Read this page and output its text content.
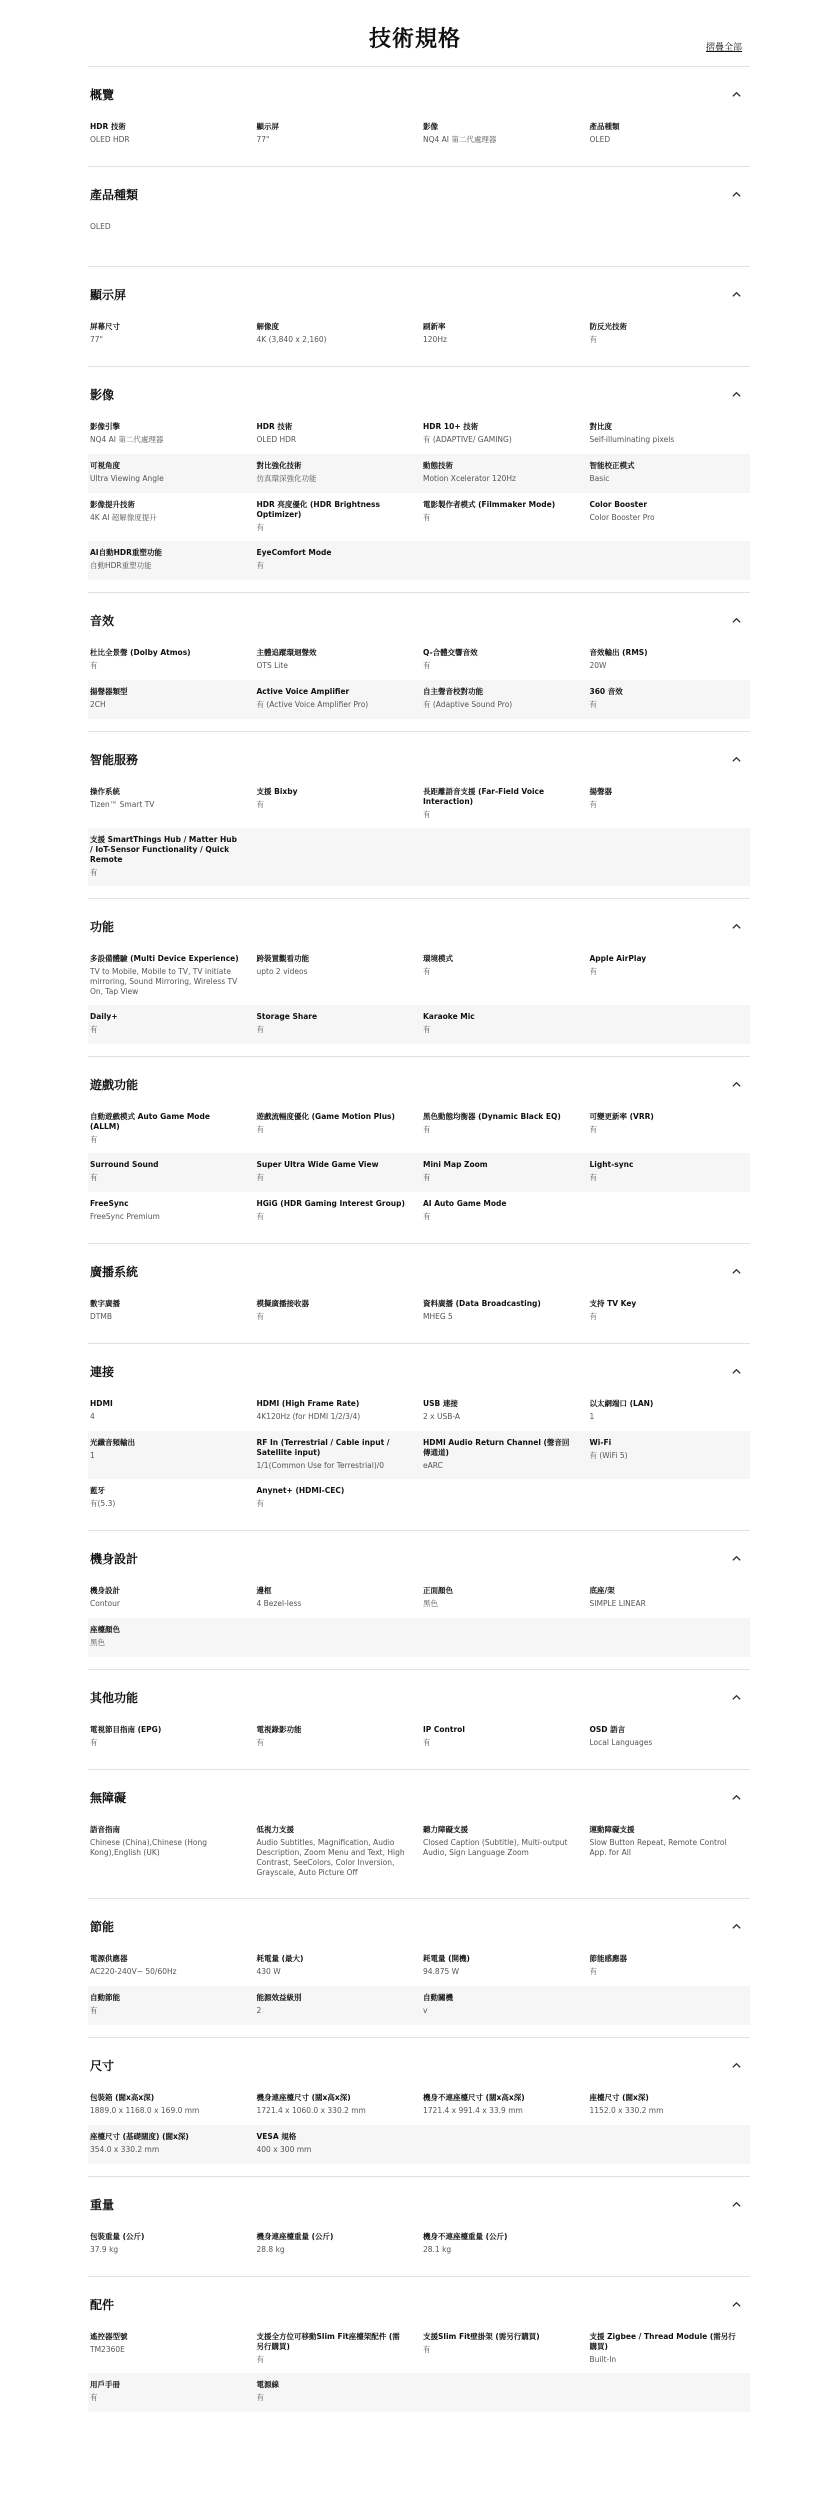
技術規格	摺疊全部
概覽
HDR 技術
OLED HDR
顯示屏
77"
影像
NQ4 AI 第二代處理器
產品種類
OLED
產品種類
OLED
顯示屏
屏幕尺寸
77"
解像度
4K (3,840 x 2,160)
刷新率
120Hz
防反光技術
有
影像
影像引擎
NQ4 AI 第二代處理器
HDR 技術
OLED HDR
HDR 10+ 技術
有 (ADAPTIVE/ GAMING)
對比度
Self-illuminating pixels
可視角度
Ultra Viewing Angle
對比強化技術
仿真環深強化功能
動態技術
Motion Xcelerator 120Hz
智能校正模式
Basic
影像提升技術
4K AI 超解像度提升
HDR 亮度優化 (HDR Brightness Optimizer)
有
電影製作者模式 (Filmmaker Mode)
有
Color Booster
Color Booster Pro
AI自動HDR重塑功能
自動HDR重塑功能
EyeComfort Mode
有
音效
杜比全景聲 (Dolby Atmos)
有
主體追蹤環迴聲效
OTS Lite
Q-合體交響音效
有
音效輸出 (RMS)
20W
揚聲器類型
2CH
Active Voice Amplifier
有 (Active Voice Amplifier Pro)
自主聲音校對功能
有 (Adaptive Sound Pro)
360 音效
有
智能服務
操作系統
Tizen™ Smart TV
支援 Bixby
有
長距離語音支援 (Far-Field Voice Interaction)
有
揚聲器
有
支援 SmartThings Hub / Matter Hub / IoT-Sensor Functionality / Quick Remote
有
功能
多設備體驗 (Multi Device Experience)
TV to Mobile, Mobile to TV, TV initiate mirroring, Sound Mirroring, Wireless TV On, Tap View
跨裝置觀看功能
upto 2 videos
環境模式
有
Apple AirPlay
有
Daily+
有
Storage Share
有
Karaoke Mic
有
遊戲功能
自動遊戲模式 Auto Game Mode (ALLM)
有
遊戲流暢度優化 (Game Motion Plus)
有
黑色動態均衡器 (Dynamic Black EQ)
有
可變更新率 (VRR)
有
Surround Sound
有
Super Ultra Wide Game View
有
Mini Map Zoom
有
Light-sync
有
FreeSync
FreeSync Premium
HGiG (HDR Gaming Interest Group)
有
AI Auto Game Mode
有
廣播系統
數字廣播
DTMB
模擬廣播接收器
有
資料廣播 (Data Broadcasting)
MHEG 5
支持 TV Key
有
連接
HDMI
4
HDMI (High Frame Rate)
4K120Hz (for HDMI 1/2/3/4)
USB 連接
2 x USB-A
以太網端口 (LAN)
1
光纖音頻輸出
1
RF In (Terrestrial / Cable input / Satellite input)
1/1(Common Use for Terrestrial)/0
HDMI Audio Return Channel (聲音回傳通道)
eARC
Wi-Fi
有 (WiFi 5)
藍牙
有(5.3)
Anynet+ (HDMI-CEC)
有
機身設計
機身設計
Contour
邊框
4 Bezel-less
正面顏色
黑色
底座/架
SIMPLE LINEAR
座檯顏色
黑色
其他功能
電視節目指南 (EPG)
有
電視錄影功能
有
IP Control
有
OSD 語言
Local Languages
無障礙
語音指南
Chinese (China),Chinese (Hong Kong),English (UK)
低視力支援
Audio Subtitles, Magnification, Audio Description, Zoom Menu and Text, High Contrast, SeeColors, Color Inversion, Grayscale, Auto Picture Off
聽力障礙支援
Closed Caption (Subtitle), Multi-output Audio, Sign Language Zoom
運動障礙支援
Slow Button Repeat, Remote Control App. for All
節能
電源供應器
AC220-240V~ 50/60Hz
耗電量 (最大)
430 W
耗電量 (開機)
94.875 W
節能感應器
有
自動節能
有
能源效益級別
2
自動關機
v
尺寸
包裝箱 (闊x高x深)
1889.0 x 1168.0 x 169.0 mm
機身連座檯尺寸 (闊x高x深)
1721.4 x 1060.0 x 330.2 mm
機身不連座檯尺寸 (闊x高x深)
1721.4 x 991.4 x 33.9 mm
座檯尺寸 (闊x深)
1152.0 x 330.2 mm
座檯尺寸 (基礎闊度) (闊x深)
354.0 x 330.2 mm
VESA 規格
400 x 300 mm
重量
包裝重量 (公斤)
37.9 kg
機身連座檯重量 (公斤)
28.8 kg
機身不連座檯重量 (公斤)
28.1 kg
配件
遙控器型號
TM2360E
支援全方位可移動Slim Fit座檯架配件 (需另行購買)
有
支援Slim Fit壁掛架 (需另行購買)
有
支援 Zigbee / Thread Module (需另行購買)
Built-In
用戶手冊
有
電源線
有
